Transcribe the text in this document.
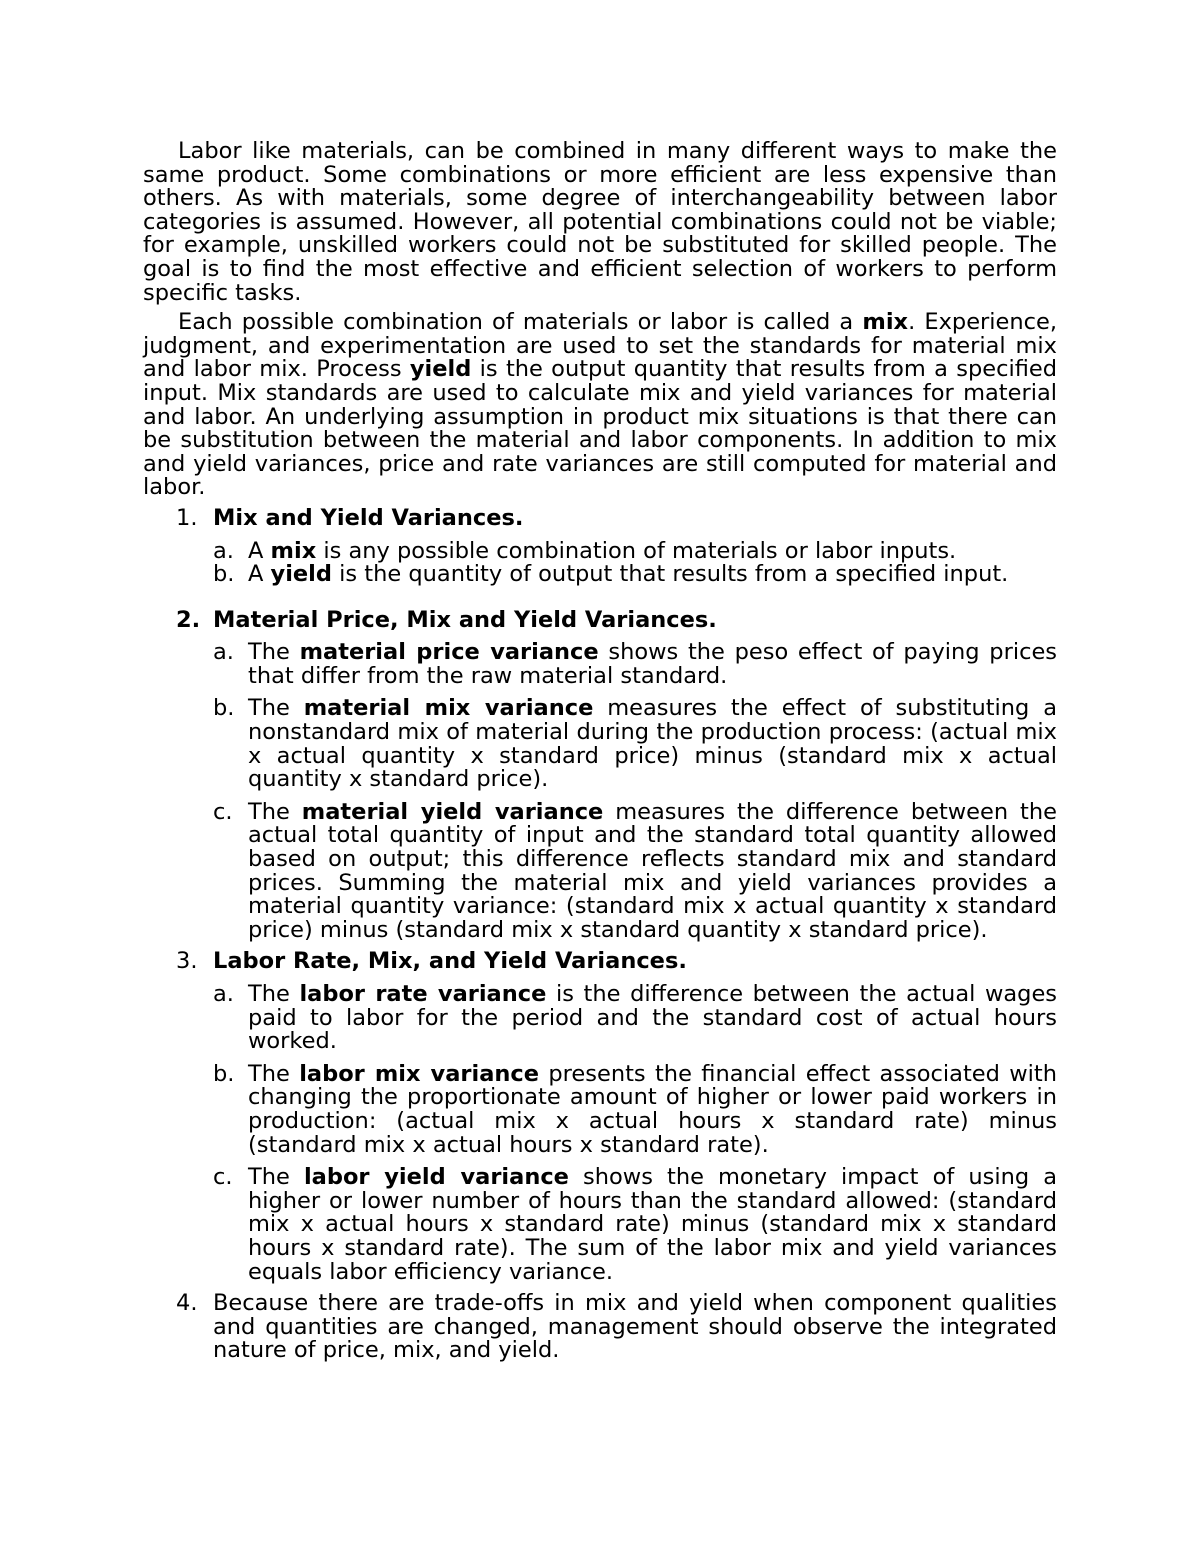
Labor like materials, can be combined in many different ways to make the same product. Some combinations or more efficient are less expensive than others. As with materials, some degree of interchangeability between labor categories is assumed. However, all potential combinations could not be viable; for example, unskilled workers could not be substituted for skilled people. The goal is to find the most effective and efficient selection of workers to perform specific tasks.

Each possible combination of materials or labor is called a mix. Experience, judgment, and experimentation are used to set the standards for material mix and labor mix. Process yield is the output quantity that results from a specified input. Mix standards are used to calculate mix and yield variances for material and labor. An underlying assumption in product mix situations is that there can be substitution between the material and labor components. In addition to mix and yield variances, price and rate variances are still computed for material and labor.

1. Mix and Yield Variances.
a. A mix is any possible combination of materials or labor inputs.
b. A yield is the quantity of output that results from a specified input.
2. Material Price, Mix and Yield Variances.
a. The material price variance shows the peso effect of paying prices that differ from the raw material standard.
b. The material mix variance measures the effect of substituting a nonstandard mix of material during the production process: (actual mix x actual quantity x standard price) minus (standard mix x actual quantity x standard price).
c. The material yield variance measures the difference between the actual total quantity of input and the standard total quantity allowed based on output; this difference reflects standard mix and standard prices. Summing the material mix and yield variances provides a material quantity variance: (standard mix x actual quantity x standard price) minus (standard mix x standard quantity x standard price).
3. Labor Rate, Mix, and Yield Variances.
a. The labor rate variance is the difference between the actual wages paid to labor for the period and the standard cost of actual hours worked.
b. The labor mix variance presents the financial effect associated with changing the proportionate amount of higher or lower paid workers in production: (actual mix x actual hours x standard rate) minus (standard mix x actual hours x standard rate).
c. The labor yield variance shows the monetary impact of using a higher or lower number of hours than the standard allowed: (standard mix x actual hours x standard rate) minus (standard mix x standard hours x standard rate). The sum of the labor mix and yield variances equals labor efficiency variance.
4. Because there are trade-offs in mix and yield when component qualities and quantities are changed, management should observe the integrated nature of price, mix, and yield.
